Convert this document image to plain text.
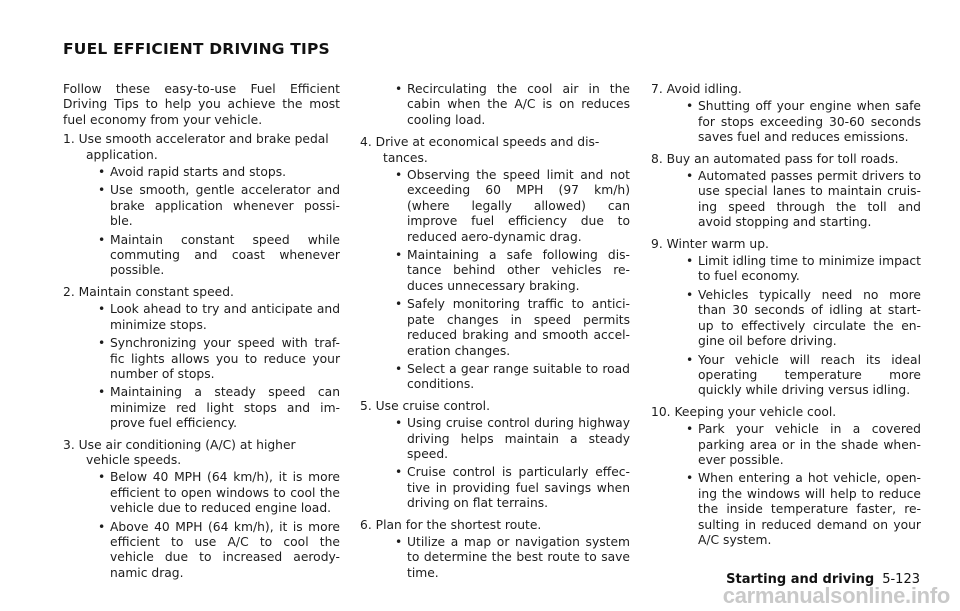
FUEL EFFICIENT DRIVING TIPS

Follow these easy-to-use Fuel Efficient Driving Tips to help you achieve the most fuel economy from your vehicle.

1. Use smooth accelerator and brake pedal application.

• Avoid rapid starts and stops.
• Use smooth, gentle accelerator and brake application whenever possi-ble.
• Maintain constant speed while commuting and coast whenever possible.

2. Maintain constant speed.

• Look ahead to try and anticipate and minimize stops.
• Synchronizing your speed with traf-fic lights allows you to reduce your number of stops.
• Maintaining a steady speed can minimize red light stops and im-prove fuel efficiency.

3. Use air conditioning (A/C) at higher vehicle speeds.

• Below 40 MPH (64 km/h), it is more efficient to open windows to cool the vehicle due to reduced engine load.
• Above 40 MPH (64 km/h), it is more efficient to use A/C to cool the vehicle due to increased aerody-namic drag.
• Recirculating the cool air in the cabin when the A/C is on reduces cooling load.

4. Drive at economical speeds and dis-tances.

• Observing the speed limit and not exceeding 60 MPH (97 km/h) (where legally allowed) can improve fuel efficiency due to reduced aero-dynamic drag.
• Maintaining a safe following dis-tance behind other vehicles re-duces unnecessary braking.
• Safely monitoring traffic to antici-pate changes in speed permits reduced braking and smooth accel-eration changes.
• Select a gear range suitable to road conditions.

5. Use cruise control.

• Using cruise control during highway driving helps maintain a steady speed.
• Cruise control is particularly effec-tive in providing fuel savings when driving on flat terrains.

6. Plan for the shortest route.

• Utilize a map or navigation system to determine the best route to save time.

7. Avoid idling.

• Shutting off your engine when safe for stops exceeding 30-60 seconds saves fuel and reduces emissions.

8. Buy an automated pass for toll roads.

• Automated passes permit drivers to use special lanes to maintain cruis-ing speed through the toll and avoid stopping and starting.

9. Winter warm up.

• Limit idling time to minimize impact to fuel economy.
• Vehicles typically need no more than 30 seconds of idling at start-up to effectively circulate the en-gine oil before driving.
• Your vehicle will reach its ideal operating temperature more quickly while driving versus idling.

10. Keeping your vehicle cool.

• Park your vehicle in a covered parking area or in the shade when-ever possible.
• When entering a hot vehicle, open-ing the windows will help to reduce the inside temperature faster, re-sulting in reduced demand on your A/C system.
Starting and driving 5-123
carmanualsonline.info
